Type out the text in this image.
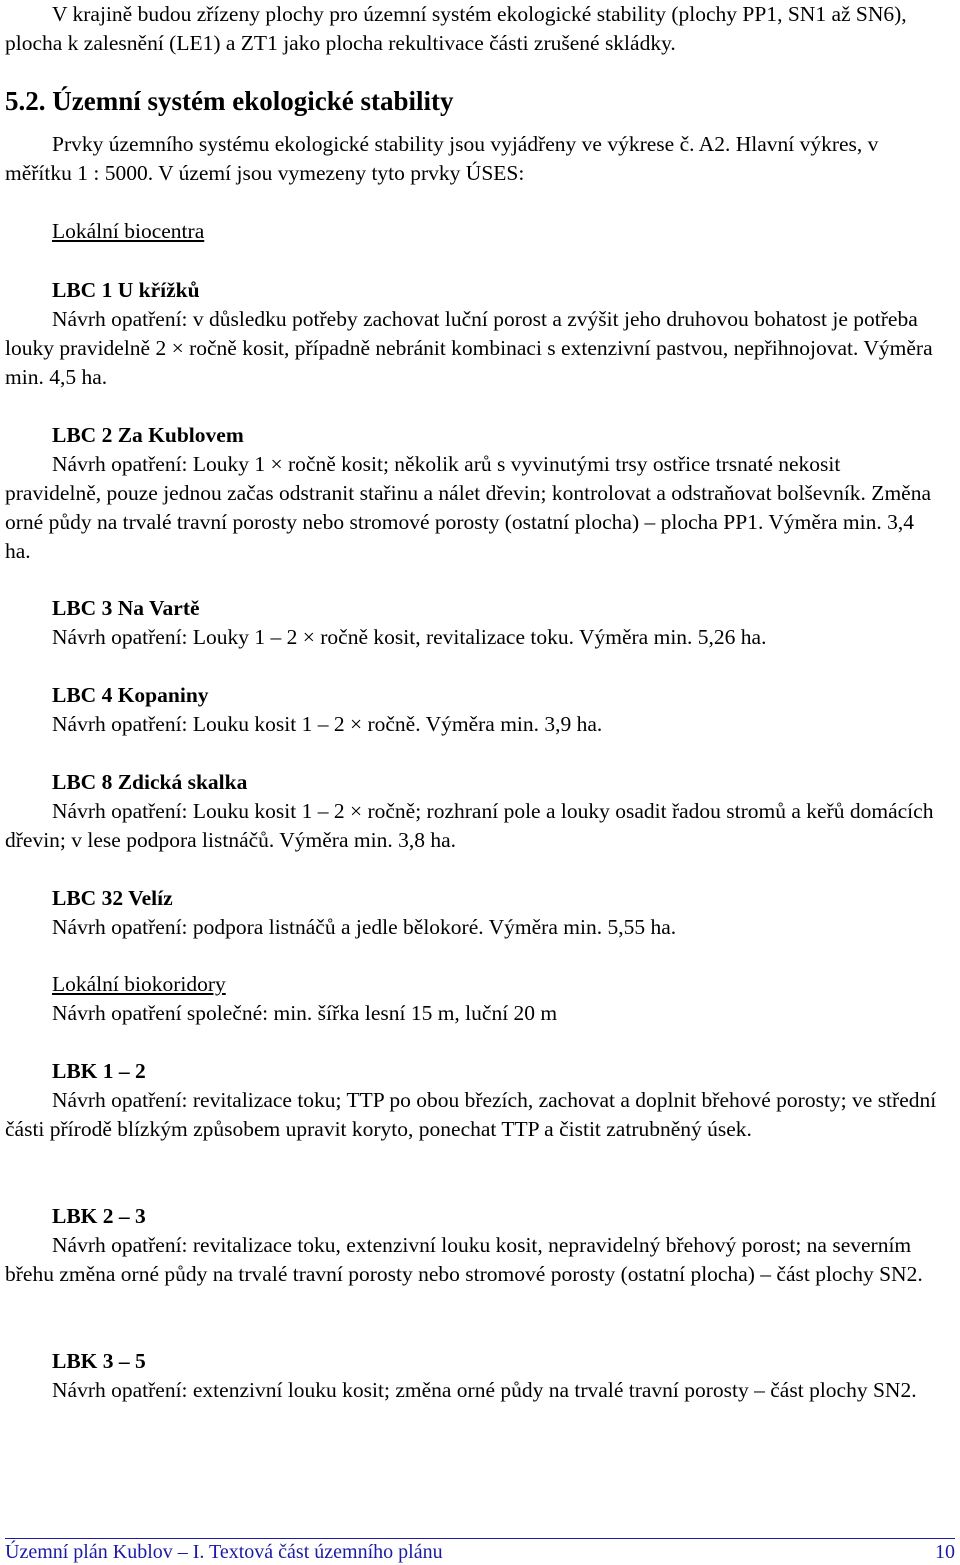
V krajině budou zřízeny plochy pro územní systém ekologické stability (plochy PP1, SN1 až SN6), plocha k zalesnění (LE1) a ZT1 jako plocha rekultivace části zrušené skládky.

5.2. Územní systém ekologické stability

Prvky územního systému ekologické stability jsou vyjádřeny ve výkrese č. A2. Hlavní výkres, v měřítku 1 : 5000. V území jsou vymezeny tyto prvky ÚSES:

Lokální biocentra

LBC 1 U křížků

Návrh opatření: v důsledku potřeby zachovat luční porost a zvýšit jeho druhovou bohatost je potřeba louky pravidelně 2 × ročně kosit, případně nebránit kombinaci s extenzivní pastvou, nepřihnojovat. Výměra min. 4,5 ha.

LBC 2 Za Kublovem

Návrh opatření: Louky 1 × ročně kosit; několik arů s vyvinutými trsy ostřice trsnaté nekosit pravidelně, pouze jednou začas odstranit stařinu a nálet dřevin; kontrolovat a odstraňovat bolševník. Změna orné půdy na trvalé travní porosty nebo stromové porosty (ostatní plocha) – plocha PP1. Výměra min. 3,4 ha.

LBC 3 Na Vartě

Návrh opatření: Louky 1 – 2 × ročně kosit, revitalizace toku. Výměra min. 5,26 ha.

LBC 4 Kopaniny

Návrh opatření: Louku kosit 1 – 2 × ročně. Výměra min. 3,9 ha.

LBC 8 Zdická skalka

Návrh opatření: Louku kosit 1 – 2 × ročně; rozhraní pole a louky osadit řadou stromů a keřů domácích dřevin; v lese podpora listnáčů. Výměra min. 3,8 ha.

LBC 32 Velíz

Návrh opatření: podpora listnáčů a jedle bělokoré. Výměra min. 5,55 ha.

Lokální biokoridory

Návrh opatření společné: min. šířka lesní 15 m, luční 20 m

LBK 1 – 2

Návrh opatření: revitalizace toku; TTP po obou březích, zachovat a doplnit břehové porosty; ve střední části přírodě blízkým způsobem upravit koryto, ponechat TTP a čistit zatrubněný úsek.

LBK 2 – 3

Návrh opatření: revitalizace toku, extenzivní louku kosit, nepravidelný břehový porost; na severním břehu změna orné půdy na trvalé travní porosty nebo stromové porosty (ostatní plocha) – část plochy SN2.

LBK 3 – 5

Návrh opatření: extenzivní louku kosit; změna orné půdy na trvalé travní porosty – část plochy SN2.

Územní plán Kublov – I. Textová část územního plánu	10
